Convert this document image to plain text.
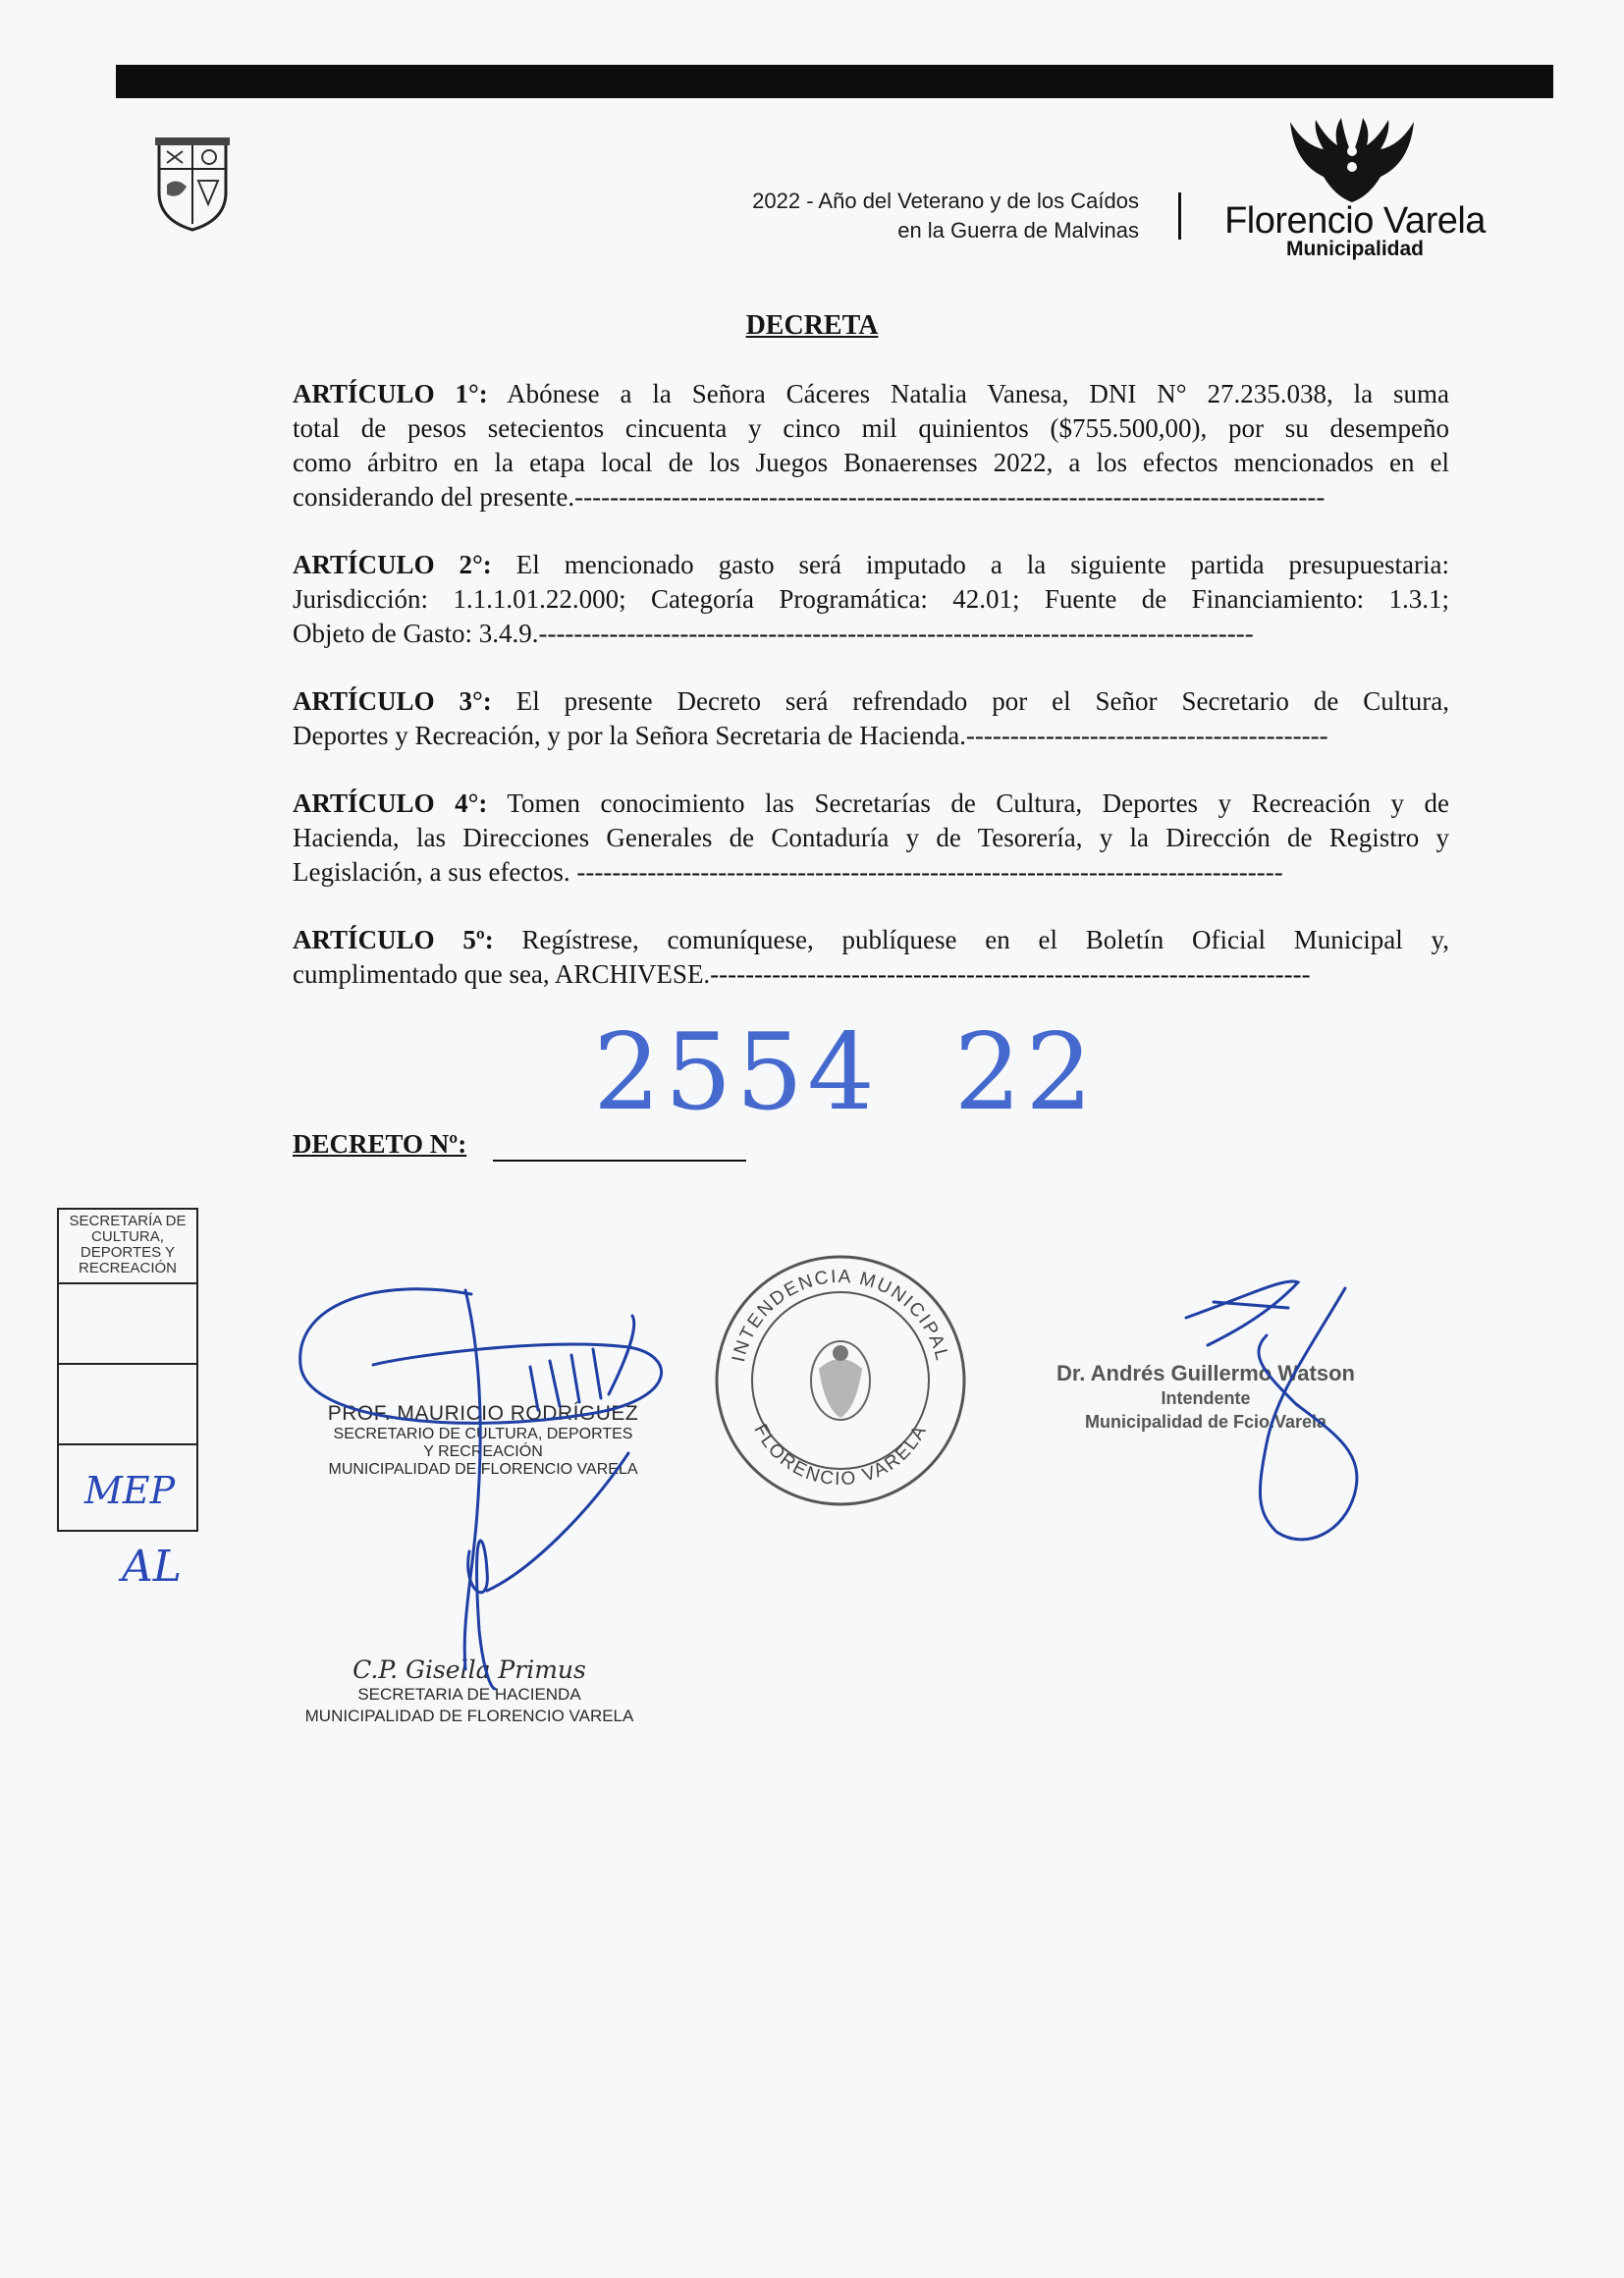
2022 - Año del Veterano y de los Caídos
en la Guerra de Malvinas Florencio Varela
Municipalidad
DECRETA
ARTÍCULO 1°: Abónese a la Señora Cáceres Natalia Vanesa, DNI N° 27.235.038, la suma
total de pesos setecientos cincuenta y cinco mil quinientos ($755.500,00), por su desempeño
como árbitro en la etapa local de los Juegos Bonaerenses 2022, a los efectos mencionados en el
considerando del presente.-------------------------------------------------------------------------------------
ARTÍCULO 2°: El mencionado gasto será imputado a la siguiente partida presupuestaria:
Jurisdicción: 1.1.1.01.22.000; Categoría Programática: 42.01; Fuente de Financiamiento: 1.3.1;
Objeto de Gasto: 3.4.9.---------------------------------------------------------------------------------
ARTÍCULO 3°: El presente Decreto será refrendado por el Señor Secretario de Cultura,
Deportes y Recreación, y por la Señora Secretaria de Hacienda.-----------------------------------------
ARTÍCULO 4°: Tomen conocimiento las Secretarías de Cultura, Deportes y Recreación y de
Hacienda, las Direcciones Generales de Contaduría y de Tesorería, y la Dirección de Registro y
Legislación, a sus efectos. --------------------------------------------------------------------------------
ARTÍCULO 5º: Regístrese, comuníquese, publíquese en el Boletín Oficial Municipal y,
cumplimentado que sea, ARCHIVESE.--------------------------------------------------------------------
2554  22
DECRETO Nº:
SECRETARÍA DE CULTURA, DEPORTES Y RECREACIÓN
MEP
AL
PROF. MAURICIO RODRÍGUEZ
SECRETARIO DE CULTURA, DEPORTES
Y RECREACIÓN
MUNICIPALIDAD DE FLORENCIO VARELA
Dr. Andrés Guillermo Watson
Intendente
Municipalidad de Fcio.Varela
C.P. Gisella Primus
SECRETARIA DE HACIENDA
MUNICIPALIDAD DE FLORENCIO VARELA
INTENDENCIA MUNICIPAL
FLORENCIO VARELA
